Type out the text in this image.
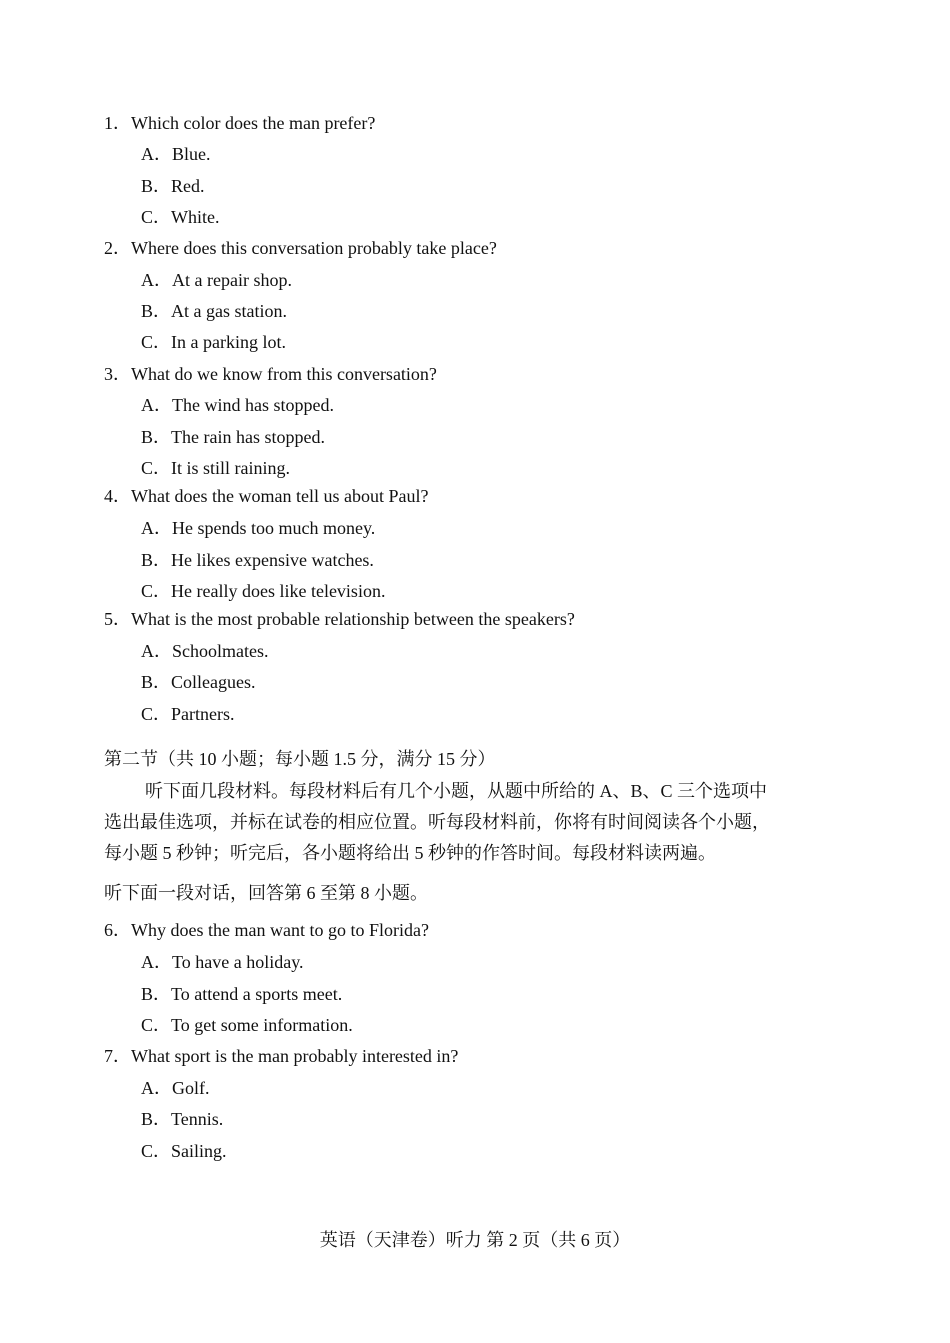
1．Which color does the man prefer?
A．Blue.
B．Red.
C．White.
2．Where does this conversation probably take place?
A．At a repair shop.
B．At a gas station.
C．In a parking lot.
3．What do we know from this conversation?
A．The wind has stopped.
B．The rain has stopped.
C．It is still raining.
4．What does the woman tell us about Paul?
A．He spends too much money.
B．He likes expensive watches.
C．He really does like television.
5．What is the most probable relationship between the speakers?
A．Schoolmates.
B．Colleagues.
C．Partners.
第二节（共 10 小题；每小题 1.5 分，满分 15 分）
听下面几段材料。每段材料后有几个小题，从题中所给的 A、B、C 三个选项中
选出最佳选项，并标在试卷的相应位置。听每段材料前，你将有时间阅读各个小题，
每小题 5 秒钟；听完后，各小题将给出 5 秒钟的作答时间。每段材料读两遍。
听下面一段对话，回答第 6 至第 8 小题。
6．Why does the man want to go to Florida?
A．To have a holiday.
B．To attend a sports meet.
C．To get some information.
7．What sport is the man probably interested in?
A．Golf.
B．Tennis.
C．Sailing.
英语（天津卷）听力 第 2 页（共 6 页）
